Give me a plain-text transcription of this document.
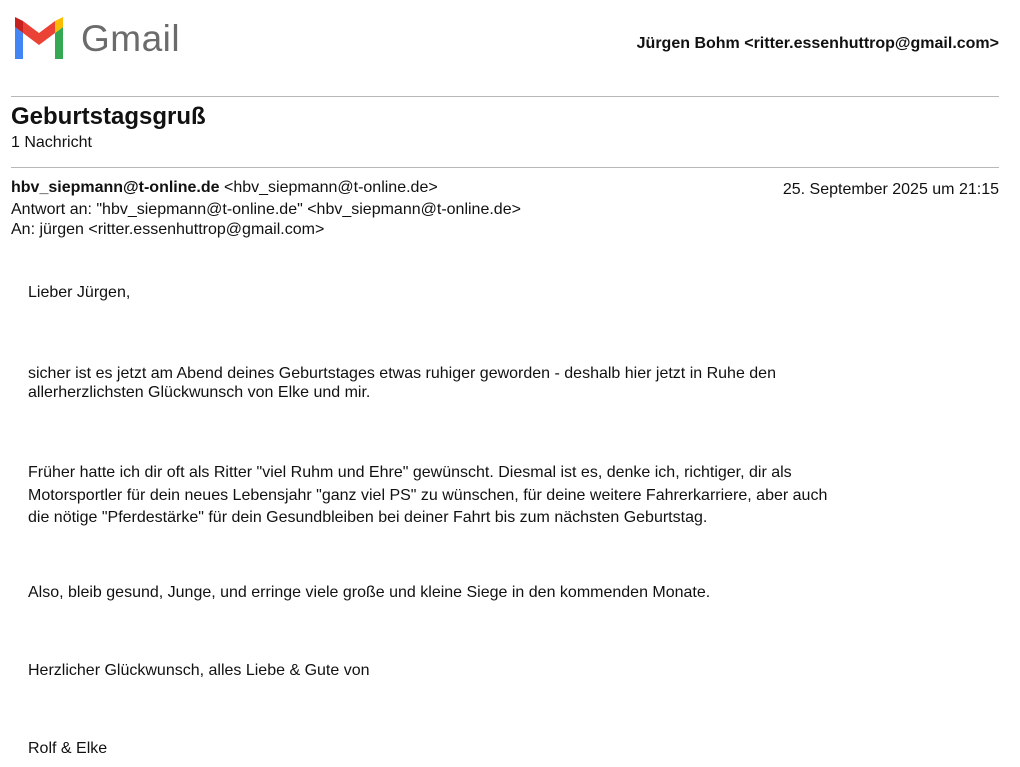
Gmail	Jürgen Bohm <ritter.essenhuttrop@gmail.com>
Geburtstagsgruß
1 Nachricht
hbv_siepmann@t-online.de <hbv_siepmann@t-online.de>	25. September 2025 um 21:15
Antwort an: "hbv_siepmann@t-online.de" <hbv_siepmann@t-online.de>
An: jürgen <ritter.essenhuttrop@gmail.com>
Lieber Jürgen,
sicher ist es jetzt am Abend deines Geburtstages etwas ruhiger geworden - deshalb hier jetzt in Ruhe den
allerherzlichsten Glückwunsch von Elke und mir.
Früher hatte ich dir oft als Ritter "viel Ruhm und Ehre" gewünscht. Diesmal ist es, denke ich, richtiger, dir als
Motorsportler für dein neues Lebensjahr "ganz viel PS" zu wünschen, für deine weitere Fahrerkarriere, aber auch
die nötige "Pferdestärke" für dein Gesundbleiben bei deiner Fahrt bis zum nächsten Geburtstag.
Also, bleib gesund, Junge, und erringe viele große und kleine Siege in den kommenden Monate.
Herzlicher Glückwunsch, alles Liebe & Gute von
Rolf & Elke
